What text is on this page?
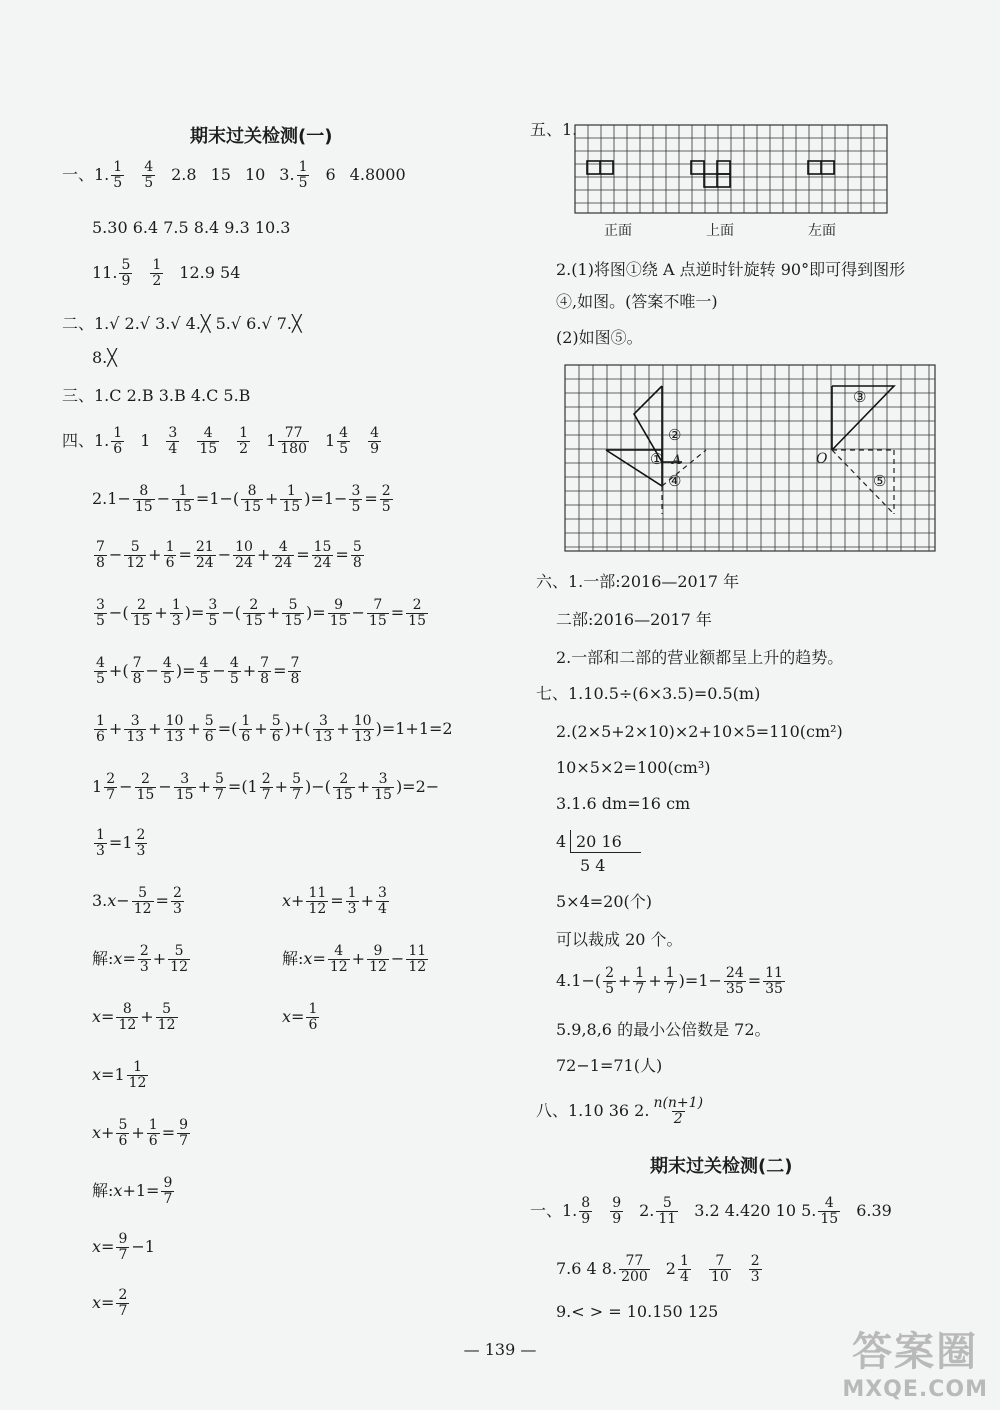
期末过关检测(一)
一、1. 1
5
4
5 2.8 15 10 3. 1
5 6 4.8000
5.30 6.4 7.5 8.4 9.3 10.3
11. 5
9
1
2 12.9 54
二、1.√ 2.√ 3.√ 4.╳ 5.√ 6.√ 7.╳
8.╳
三、1.C 2.B 3.B 4.C 5.B
四、1. 1
6 1 3
4
4
15
1
2 1 77
180 1 4
5
4
9
2. $1- \frac{8}{15} - \frac{1}{15} =1-$( 8
$15 + \frac{1}{15} )=1- \frac{3}{5} = \frac{2}{5}$
7
$8 - \frac{5}{12} + \frac{1}{6} = \frac{21}{24} - \frac{10}{24} + \frac{4}{24} = \frac{15}{24} = \frac{5}{8}$
3
5 −( 2
$15 + \frac{1}{3}$ )= $\frac{3}{5}$ −( 2
$15 + \frac{5}{15}$ )= $\frac{9}{15} - \frac{7}{15} = \frac{2}{15}$
4
5 +( 7
$8 - \frac{4}{5}$ )= $\frac{4}{5} - \frac{4}{5} + \frac{7}{8} = \frac{7}{8}$
1
$6 + \frac{3}{13} + \frac{10}{13} + \frac{5}{6}$ =( 1
$6 + \frac{5}{6}$ )+( 3
$13 + \frac{10}{13} )=1+1=2$
1 2
$7 - \frac{2}{15} - \frac{3}{15} + \frac{5}{7} =(1$ 2
$7 + \frac{5}{7}$ )−( 2
$15 + \frac{3}{15} )=2-$
$\frac{1}{3} =1$ 2
3
3. $x - \frac{5}{12} = \frac{2}{3}$	$x + \frac{11}{12} = \frac{1}{3} + \frac{3}{4}$
解: $x = \frac{2}{3} + \frac{5}{12}$	解: $x = \frac{4}{12} + \frac{9}{12} - \frac{11}{12}$
$x = \frac{8}{12} + \frac{5}{12}$	$x = \frac{1}{6}$
x = 1 1
12
$x + \frac{5}{6} + \frac{1}{6} = \frac{9}{7}$
解: $x + 1 = \frac{9}{7}$
$x = \frac{9}{7} - 1$
$x = \frac{2}{7}$
五、1.
正面	上面	左面
2.(1)将图①绕 A 点逆时针旋转 90°即可得到图形
④,如图。(答案不唯一)
(2)如图⑤。
②
① A
④
③
O
⑤
六、1.一部:2016—2017 年
二部:2016—2017 年
2.一部和二部的营业额都呈上升的趋势。
七、1.10.5÷(6×3.5)=0.5(m)
2.(2×5+2×10)×2+10×5=110(cm²)
10×5×2=100(cm³)
3.1.6 dm=16 cm
4 20 16
5 4
5×4=20(个)
可以裁成 20 个。
4.1−( 2
$5 + \frac{1}{7} + \frac{1}{7} )=1- \frac{24}{35} = \frac{11}{35}$
5.9,8,6 的最小公倍数是 72。
72−1=71(人)
八、1.10 36 2. n(n+1)
2
期末过关检测(二)
一、1. 8
9
9
9 2. 5
11 3.2 4.420 10 5. 4
15 6.39
7.6 4 8. 77
200 2 1
4
7
10
2
3
9.< > = 10.150 125
— 139 —	答案圈
MXQE.COM
